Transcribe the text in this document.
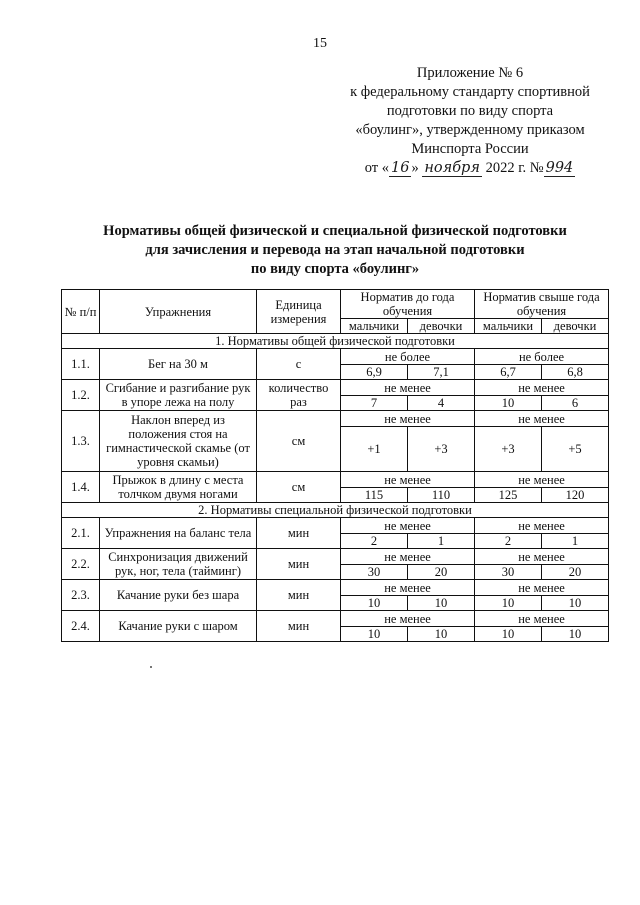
15
Приложение № 6
к федеральному стандарту спортивной
подготовки по виду спорта
«боулинг», утвержденному приказом
Минспорта России
от « 16 » ноября 2022 г. № 994
Нормативы общей физической и специальной физической подготовки
для зачисления и перевода на этап начальной подготовки
по виду спорта «боулинг»
№ п/п	Упражнения	Единица измерения	Норматив до года обучения		Норматив свыше года обучения	
			мальчики	девочки	мальчики	девочки
1. Нормативы общей физической подготовки						
1.1.	Бег на 30 м	с	не более		не более	
			6,9	7,1	6,7	6,8
1.2.	Сгибание и разгибание рук в упоре лежа на полу	количество раз	не менее		не менее	
			7	4	10	6
1.3.	Наклон вперед из положения стоя на гимнастической скамье (от уровня скамьи)	см	не менее		не менее	
			+1	+3	+3	+5
1.4.	Прыжок в длину с места толчком двумя ногами	см	не менее		не менее	
			115	110	125	120
2. Нормативы специальной физической подготовки						
2.1.	Упражнения на баланс тела	мин	не менее		не менее	
			2	1	2	1
2.2.	Синхронизация движений рук, ног, тела (тайминг)	мин	не менее		не менее	
			30	20	30	20
2.3.	Качание руки без шара	мин	не менее		не менее	
			10	10	10	10
2.4.	Качание руки с шаром	мин	не менее		не менее	
			10	10	10	10
